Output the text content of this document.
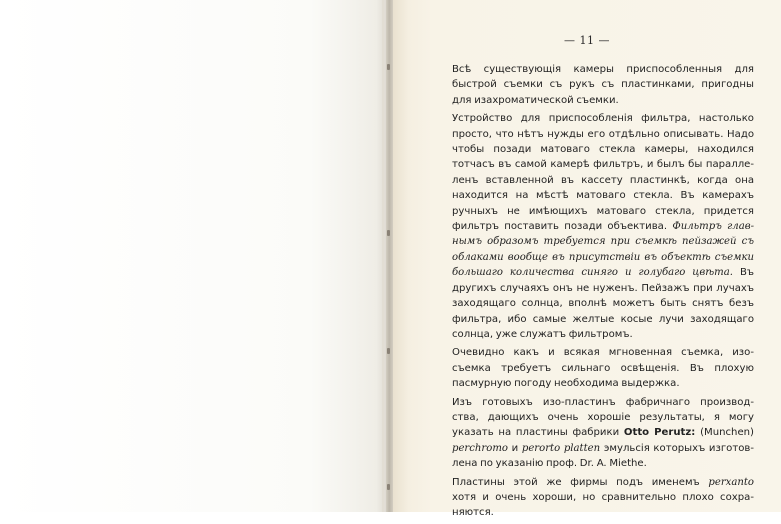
— 11 —
Всѣ существующія камеры приспособленныя для
быстрой съемки съ рукъ съ пластинками, пригодны
для изахроматической съемки.
Устройство для приспособленія фильтра, настолько
просто, что нѣтъ нужды его отдѣльно описывать. Надо
чтобы позади матоваго стекла камеры, находился
тотчасъ въ самой камерѣ фильтръ, и былъ бы паралле-
ленъ вставленной въ кассету пластинкѣ, когда она
находится на мѣстѣ матоваго стекла. Въ камерахъ
ручныхъ не имѣющихъ матоваго стекла, придется
фильтръ поставить позади объектива. Фильтръ глав-
нымъ образомъ требуется при съемкѣ пейзажей съ
облаками вообще въ присутствіи въ объектѣ съемки
большаго количества синяго и голубаго цвѣта. Въ
другихъ случаяхъ онъ не нуженъ. Пейзажъ при лучахъ
заходящаго солнца, вполнѣ можетъ быть снятъ безъ
фильтра, ибо самые желтые косые лучи заходящаго
солнца, уже служатъ фильтромъ.
Очевидно какъ и всякая мгновенная съемка, изо-
съемка требуетъ сильнаго освѣщенія. Въ плохую
пасмурную погоду необходима выдержка.
Изъ готовыхъ изо-пластинъ фабричнаго производ-
ства, дающихъ очень хорошіе результаты, я могу
указать на пластины фабрики Otto Perutz: (Munchen)
perchromo и perorto platten эмульсія которыхъ изготов-
лена по указанію проф. Dr. A. Miethe.
Пластины этой же фирмы подъ именемъ perxanto
хотя и очень хороши, но сравнительно плохо сохра-
няются.
